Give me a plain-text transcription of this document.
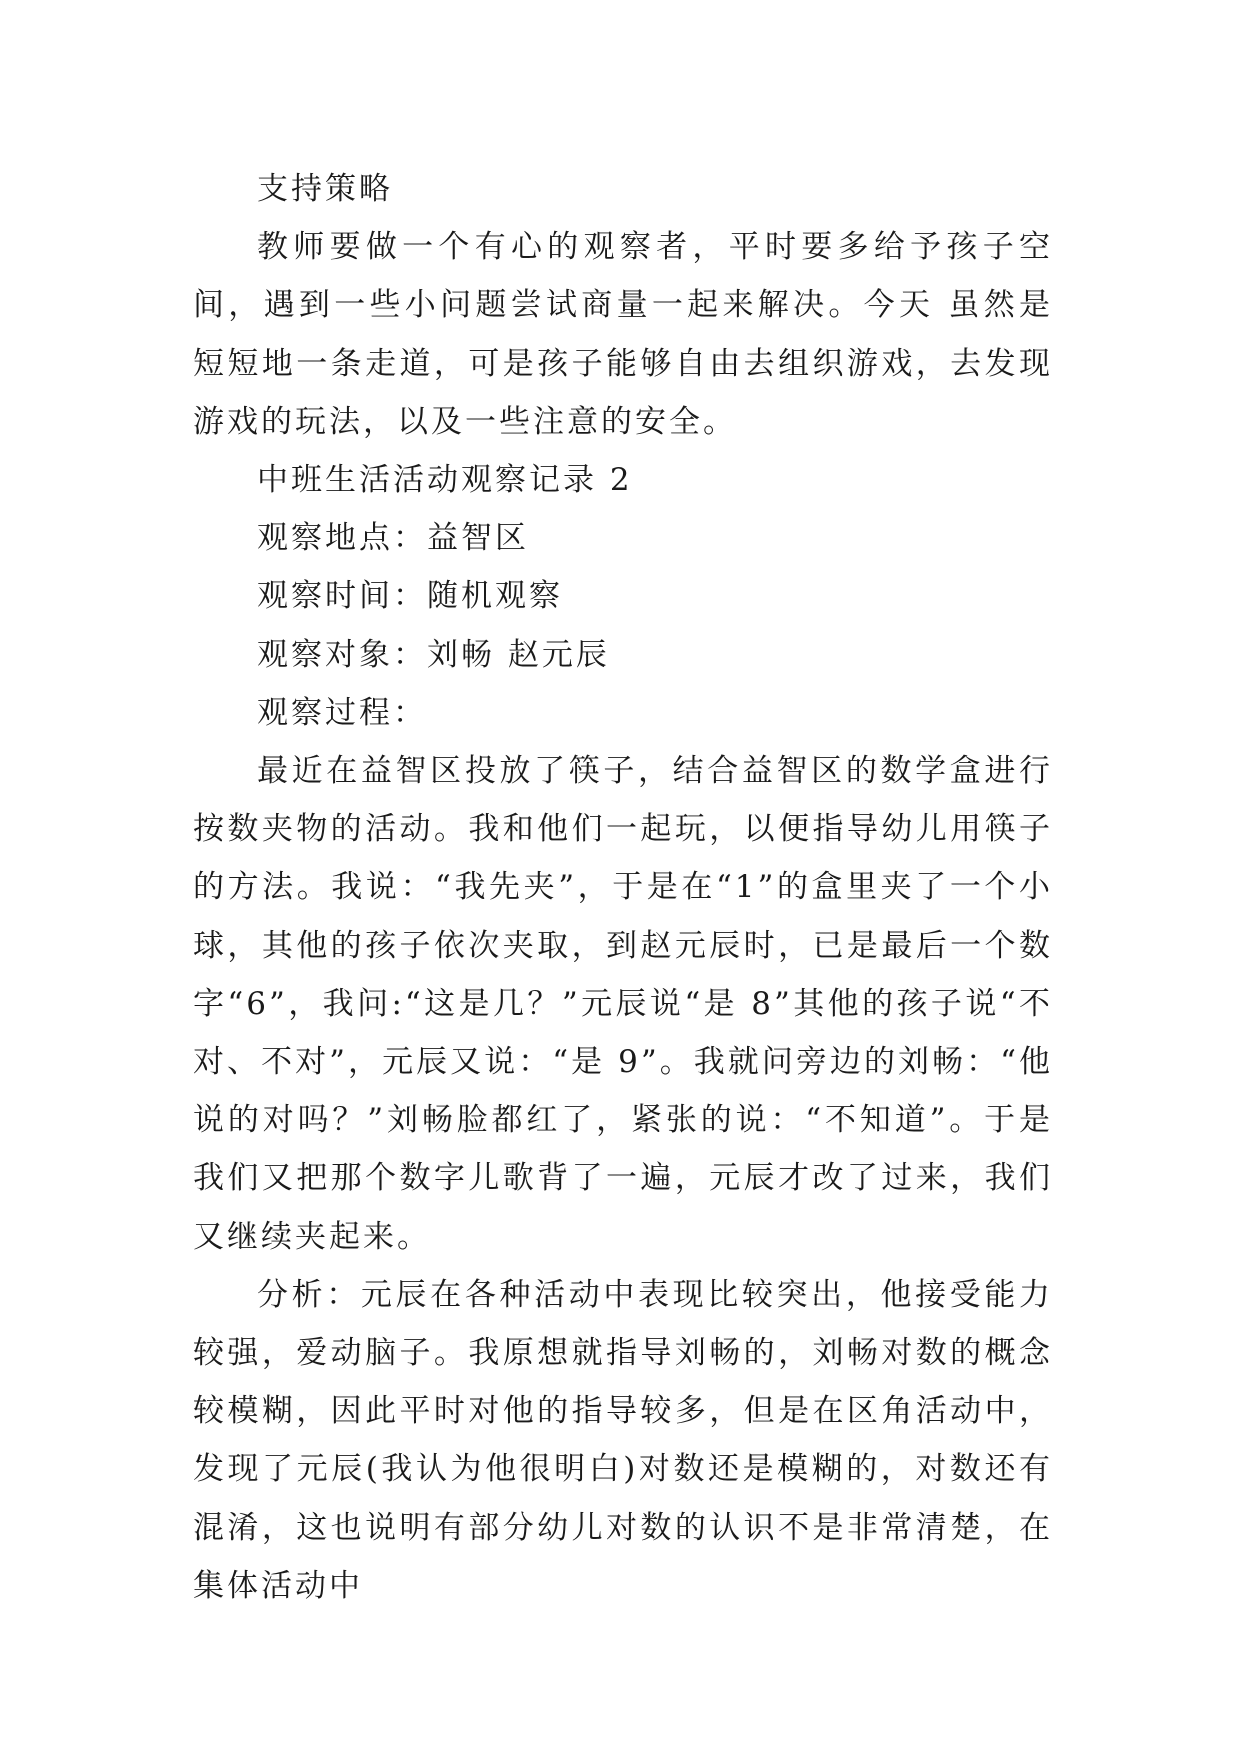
支持策略

教师要做一个有心的观察者，平时要多给予孩子空间，遇到一些小问题尝试商量一起来解决。今天 虽然是短短地一条走道，可是孩子能够自由去组织游戏，去发现游戏的玩法，以及一些注意的安全。

中班生活活动观察记录 2

观察地点：益智区

观察时间：随机观察

观察对象：刘畅 赵元辰

观察过程：

最近在益智区投放了筷子，结合益智区的数学盒进行按数夹物的活动。我和他们一起玩，以便指导幼儿用筷子的方法。我说：“我先夹”，于是在“1”的盒里夹了一个小球，其他的孩子依次夹取，到赵元辰时，已是最后一个数字“6”，我问:“这是几？”元辰说“是 8”其他的孩子说“不对、不对”，元辰又说：“是 9”。我就问旁边的刘畅：“他说的对吗？”刘畅脸都红了，紧张的说：“不知道”。于是我们又把那个数字儿歌背了一遍，元辰才改了过来，我们又继续夹起来。

分析：元辰在各种活动中表现比较突出，他接受能力较强，爱动脑子。我原想就指导刘畅的，刘畅对数的概念较模糊，因此平时对他的指导较多，但是在区角活动中，发现了元辰(我认为他很明白)对数还是模糊的，对数还有混淆，这也说明有部分幼儿对数的认识不是非常清楚，在集体活动中
